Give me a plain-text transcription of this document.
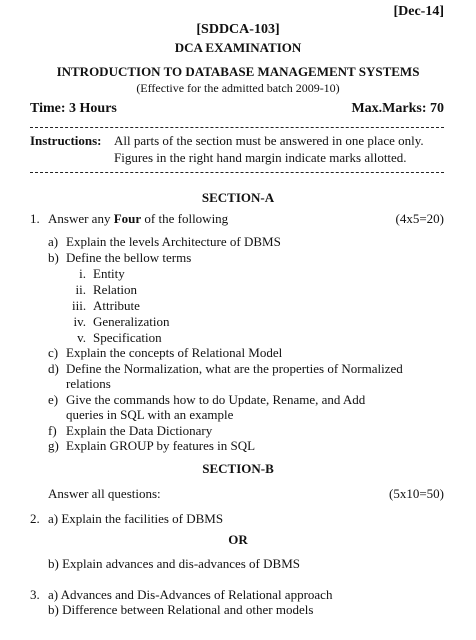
[Dec-14]
[SDDCA-103]
DCA EXAMINATION
INTRODUCTION TO DATABASE MANAGEMENT SYSTEMS
(Effective for the admitted batch 2009-10)
Time: 3 Hours	Max.Marks: 70
Instructions: All parts of the section must be answered in one place only.
Figures in the right hand margin indicate marks allotted.
SECTION-A
1. Answer any Four of the following	(4x5=20)
a) Explain the levels Architecture of DBMS
b) Define the bellow terms
i. Entity
ii. Relation
iii. Attribute
iv. Generalization
v. Specification
c) Explain the concepts of Relational Model
d) Define the Normalization, what are the properties of Normalized
relations
e) Give the commands how to do Update, Rename, and Add
queries in SQL with an example
f) Explain the Data Dictionary
g) Explain GROUP by features in SQL
SECTION-B
Answer all questions:	(5x10=50)
2. a) Explain the facilities of DBMS
OR
b) Explain advances and dis-advances of DBMS
3. a) Advances and Dis-Advances of Relational approach
b) Difference between Relational and other models
